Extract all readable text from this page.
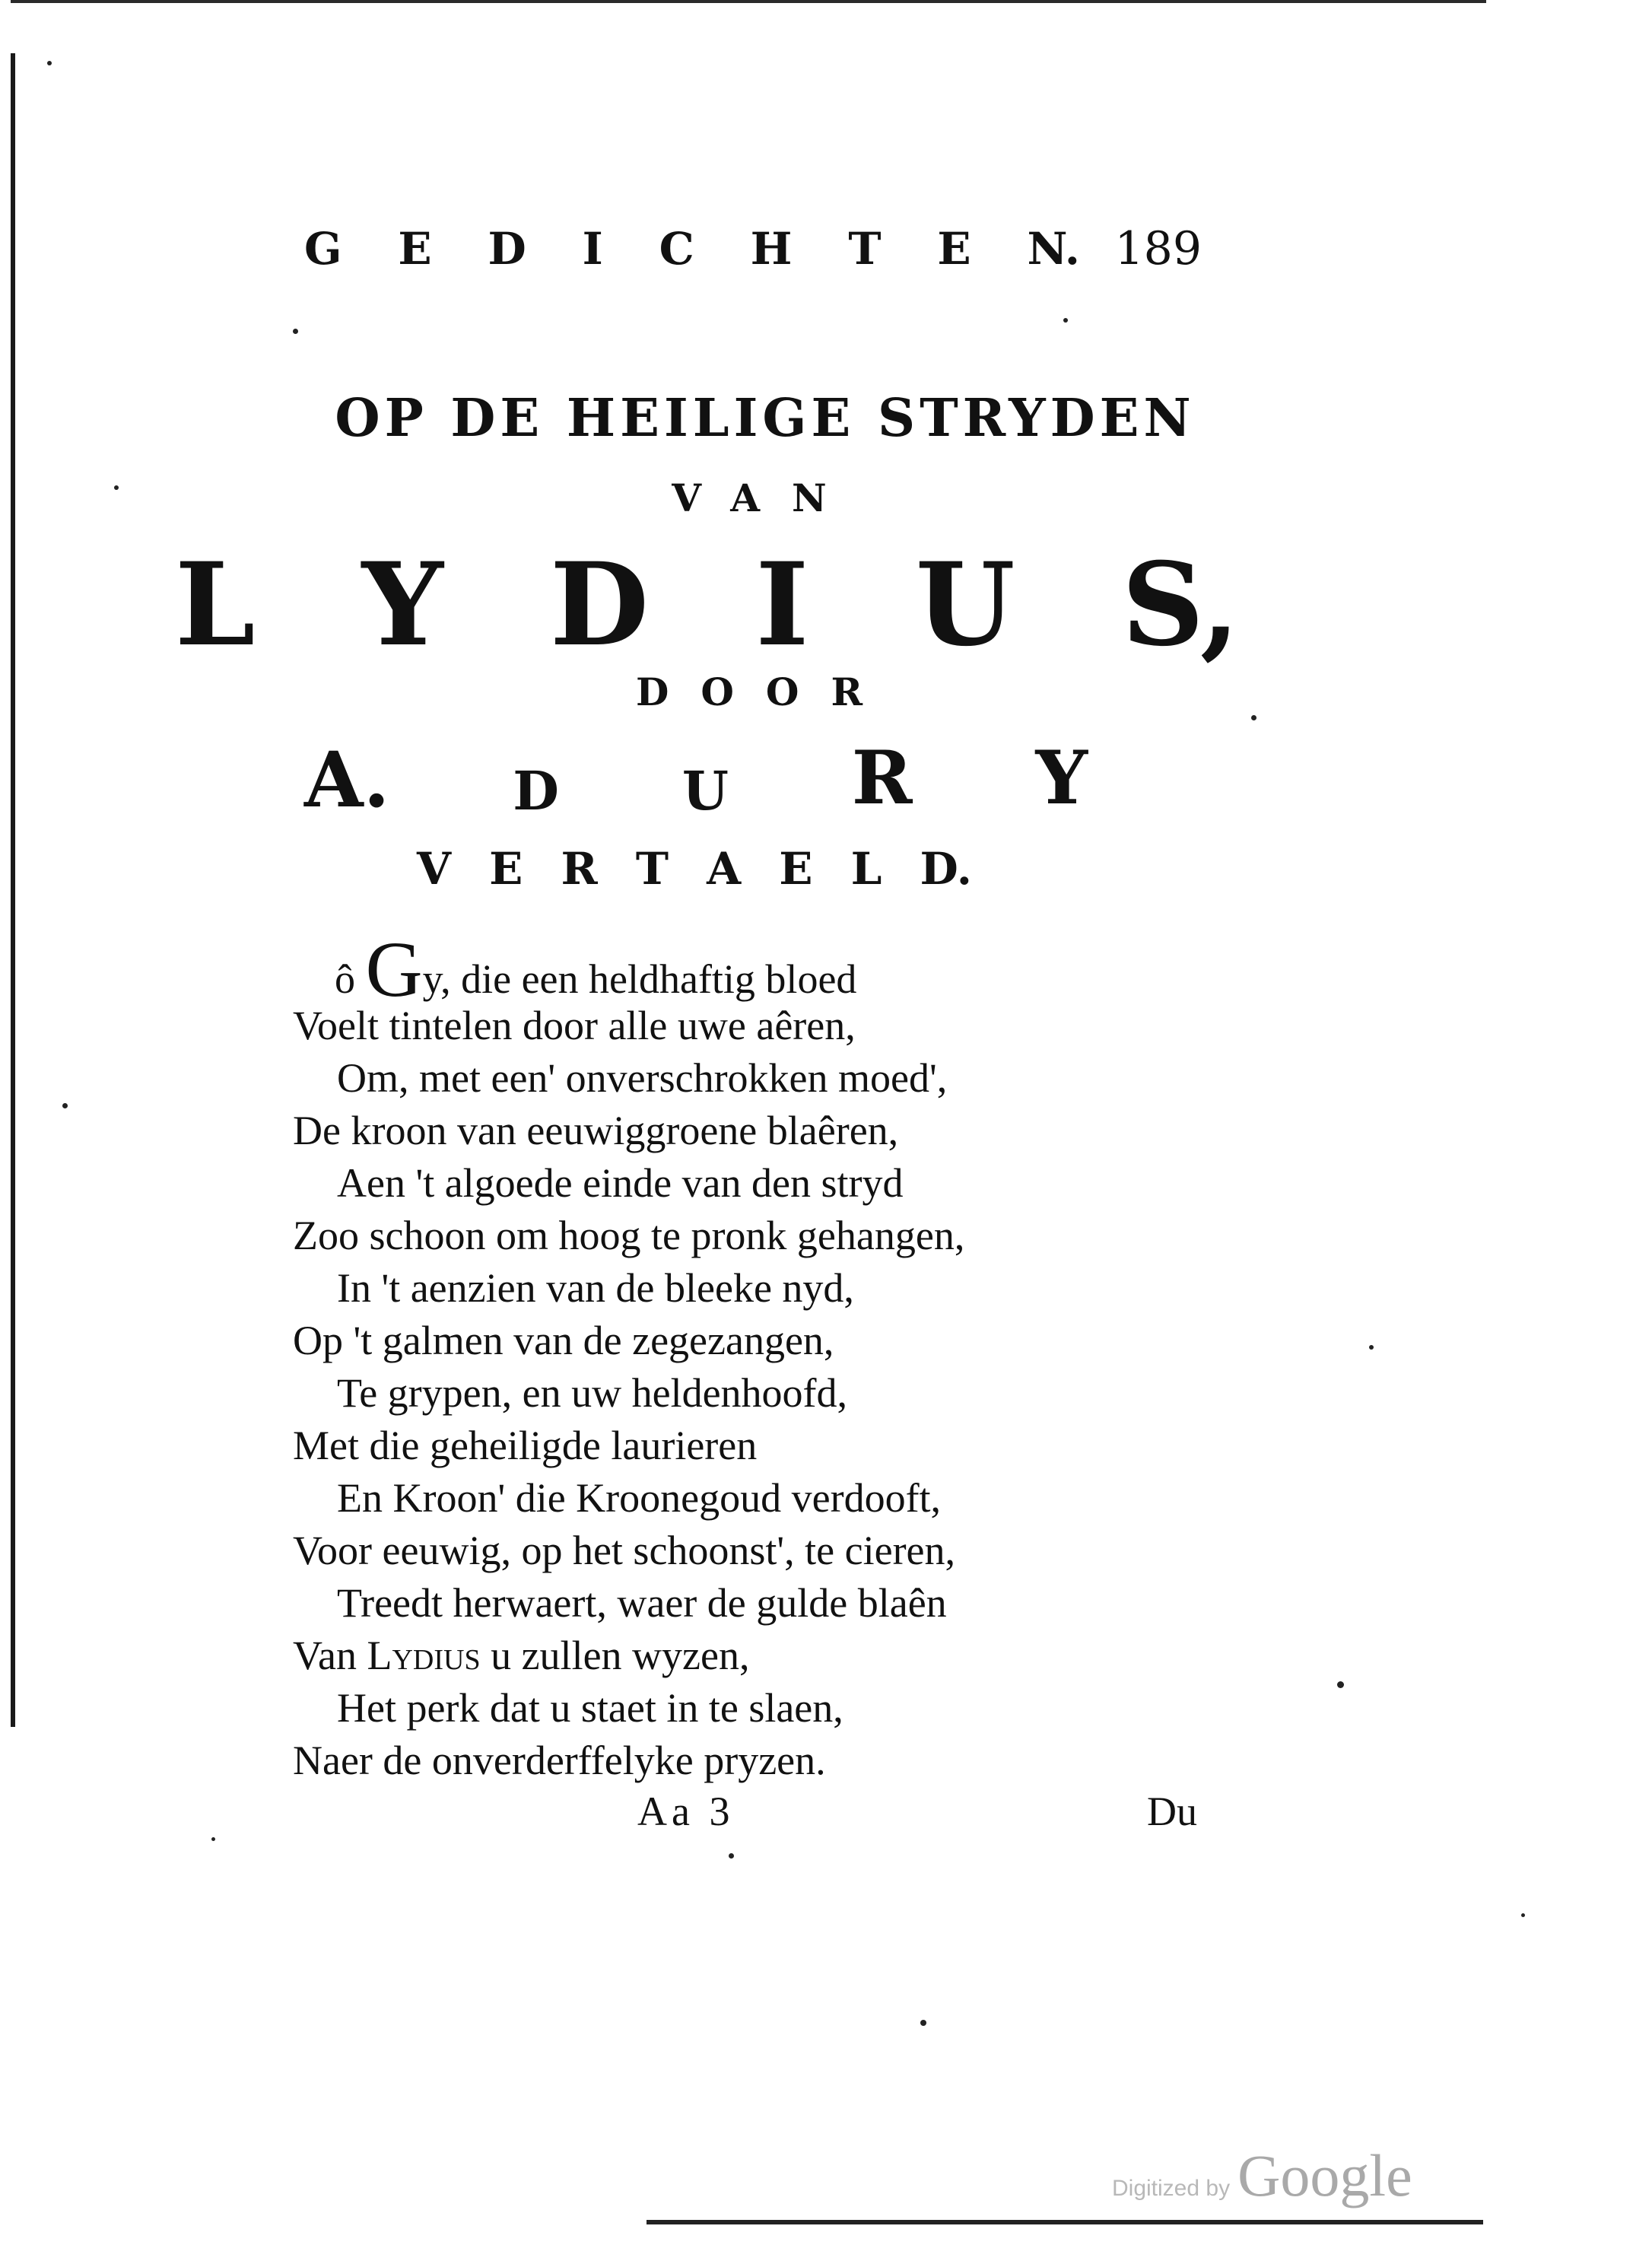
G E D I C H T E N. 189
OP DE HEILIGE STRYDEN
VAN
L Y D I U S,
DOOR
A. D U R Y
V E R T A E L D.
ô Gy, die een heldhaftig bloed
Voelt tintelen door alle uwe aêren,
Om, met een' onverschrokken moed',
De kroon van eeuwiggroene blaêren,
Aen 't algoede einde van den stryd
Zoo schoon om hoog te pronk gehangen,
In 't aenzien van de bleeke nyd,
Op 't galmen van de zegezangen,
Te grypen, en uw heldenhoofd,
Met die geheiligde laurieren
En Kroon' die Kroonegoud verdooft,
Voor eeuwig, op het schoonst', te cieren,
Treedt herwaert, waer de gulde blaên
Van Lydius u zullen wyzen,
Het perk dat u staet in te slaen,
Naer de onverderffelyke pryzen.
Aa 3	Du
Digitized by Google
